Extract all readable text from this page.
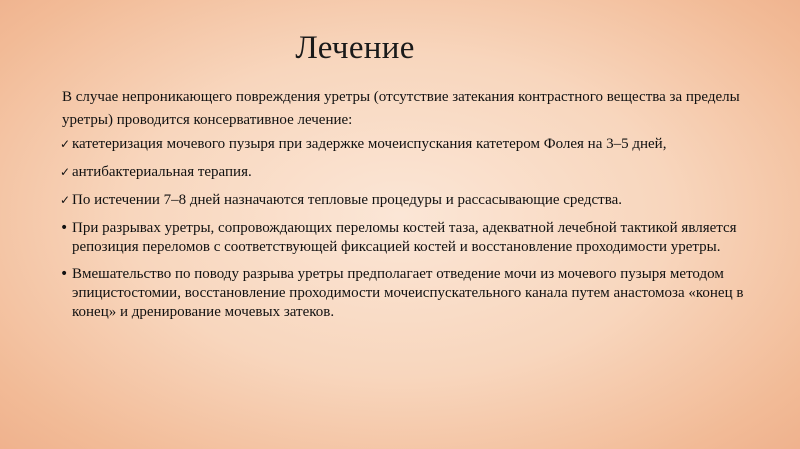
Лечение
В случае непроникающего повреждения уретры (отсутствие затекания контрастного вещества за пределы уретры) проводится консервативное лечение:
✓ катетеризация мочевого пузыря при задержке мочеиспускания катетером Фолея на 3–5 дней,
✓ антибактериальная терапия.
✓ По истечении 7–8 дней назначаются тепловые процедуры и рассасывающие средства.
• При разрывах уретры, сопровождающих переломы костей таза, адекватной лечебной тактикой является репозиция переломов с соответствующей фиксацией костей и восстановление проходимости уретры.
• Вмешательство по поводу разрыва уретры предполагает отведение мочи из мочевого пузыря методом эпицистостомии, восстановление проходимости мочеиспускательного канала путем анастомоза «конец в конец» и дренирование мочевых затеков.
